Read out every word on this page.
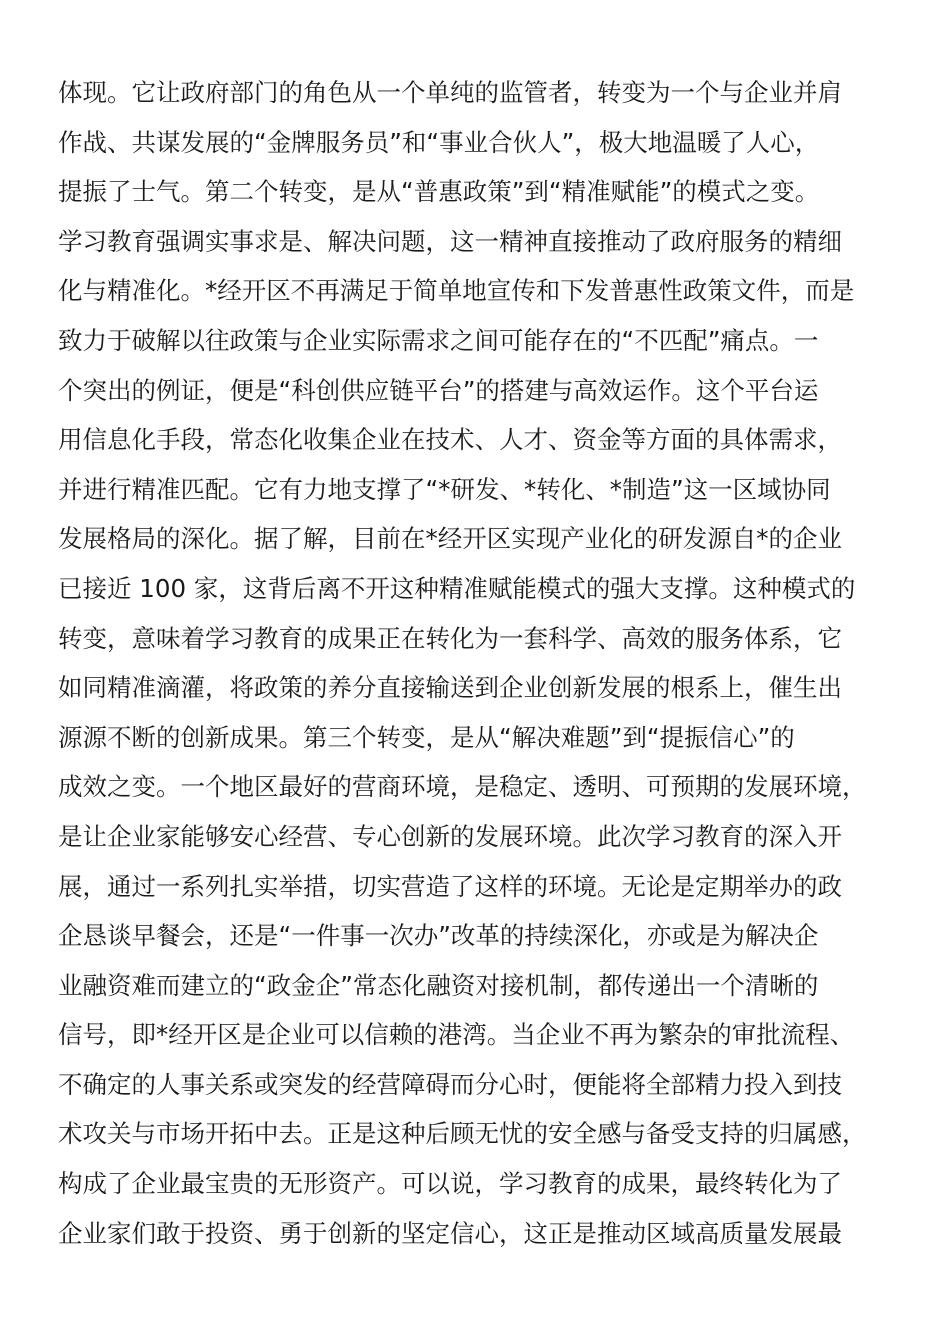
体现。它让政府部门的角色从一个单纯的监管者，转变为一个与企业并肩
作战、共谋发展的“金牌服务员”和“事业合伙人”，极大地温暖了人心，
提振了士气。第二个转变，是从“普惠政策”到“精准赋能”的模式之变。
学习教育强调实事求是、解决问题，这一精神直接推动了政府服务的精细
化与精准化。*经开区不再满足于简单地宣传和下发普惠性政策文件，而是
致力于破解以往政策与企业实际需求之间可能存在的“不匹配”痛点。一
个突出的例证，便是“科创供应链平台”的搭建与高效运作。这个平台运
用信息化手段，常态化收集企业在技术、人才、资金等方面的具体需求，
并进行精准匹配。它有力地支撑了“*研发、*转化、*制造”这一区域协同
发展格局的深化。据了解，目前在*经开区实现产业化的研发源自*的企业
已接近 100 家，这背后离不开这种精准赋能模式的强大支撑。这种模式的
转变，意味着学习教育的成果正在转化为一套科学、高效的服务体系，它
如同精准滴灌，将政策的养分直接输送到企业创新发展的根系上，催生出
源源不断的创新成果。第三个转变，是从“解决难题”到“提振信心”的
成效之变。一个地区最好的营商环境，是稳定、透明、可预期的发展环境，
是让企业家能够安心经营、专心创新的发展环境。此次学习教育的深入开
展，通过一系列扎实举措，切实营造了这样的环境。无论是定期举办的政
企恳谈早餐会，还是“一件事一次办”改革的持续深化，亦或是为解决企
业融资难而建立的“政金企”常态化融资对接机制，都传递出一个清晰的
信号，即*经开区是企业可以信赖的港湾。当企业不再为繁杂的审批流程、
不确定的人事关系或突发的经营障碍而分心时，便能将全部精力投入到技
术攻关与市场开拓中去。正是这种后顾无忧的安全感与备受支持的归属感，
构成了企业最宝贵的无形资产。可以说，学习教育的成果，最终转化为了
企业家们敢于投资、勇于创新的坚定信心，这正是推动区域高质量发展最
